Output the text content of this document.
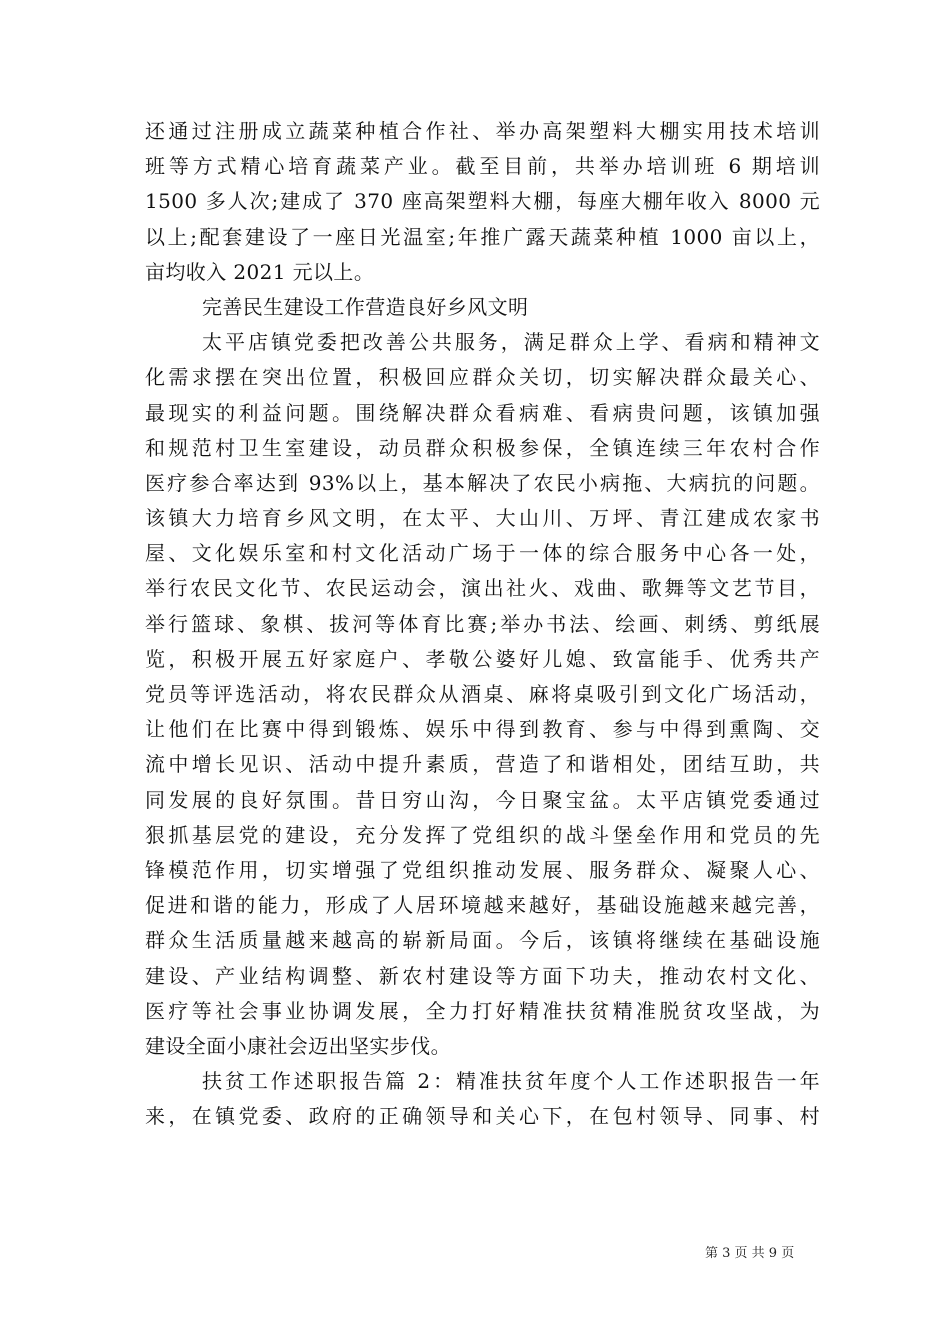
还通过注册成立蔬菜种植合作社、举办高架塑料大棚实用技术培训
班等方式精心培育蔬菜产业。截至目前，共举办培训班 6 期培训
1500 多人次;建成了 370 座高架塑料大棚，每座大棚年收入 8000 元
以上;配套建设了一座日光温室;年推广露天蔬菜种植 1000 亩以上，
亩均收入 2021 元以上。
完善民生建设工作营造良好乡风文明
太平店镇党委把改善公共服务，满足群众上学、看病和精神文
化需求摆在突出位置，积极回应群众关切，切实解决群众最关心、
最现实的利益问题。围绕解决群众看病难、看病贵问题，该镇加强
和规范村卫生室建设，动员群众积极参保，全镇连续三年农村合作
医疗参合率达到 93%以上，基本解决了农民小病拖、大病抗的问题。
该镇大力培育乡风文明，在太平、大山川、万坪、青江建成农家书
屋、文化娱乐室和村文化活动广场于一体的综合服务中心各一处，
举行农民文化节、农民运动会，演出社火、戏曲、歌舞等文艺节目，
举行篮球、象棋、拔河等体育比赛;举办书法、绘画、刺绣、剪纸展
览，积极开展五好家庭户、孝敬公婆好儿媳、致富能手、优秀共产
党员等评选活动，将农民群众从酒桌、麻将桌吸引到文化广场活动，
让他们在比赛中得到锻炼、娱乐中得到教育、参与中得到熏陶、交
流中增长见识、活动中提升素质，营造了和谐相处，团结互助，共
同发展的良好氛围。昔日穷山沟，今日聚宝盆。太平店镇党委通过
狠抓基层党的建设，充分发挥了党组织的战斗堡垒作用和党员的先
锋模范作用，切实增强了党组织推动发展、服务群众、凝聚人心、
促进和谐的能力，形成了人居环境越来越好，基础设施越来越完善，
群众生活质量越来越高的崭新局面。今后，该镇将继续在基础设施
建设、产业结构调整、新农村建设等方面下功夫，推动农村文化、
医疗等社会事业协调发展，全力打好精准扶贫精准脱贫攻坚战，为
建设全面小康社会迈出坚实步伐。
扶贫工作述职报告篇 2：精准扶贫年度个人工作述职报告一年
来，在镇党委、政府的正确领导和关心下，在包村领导、同事、村
第 3 页 共 9 页
